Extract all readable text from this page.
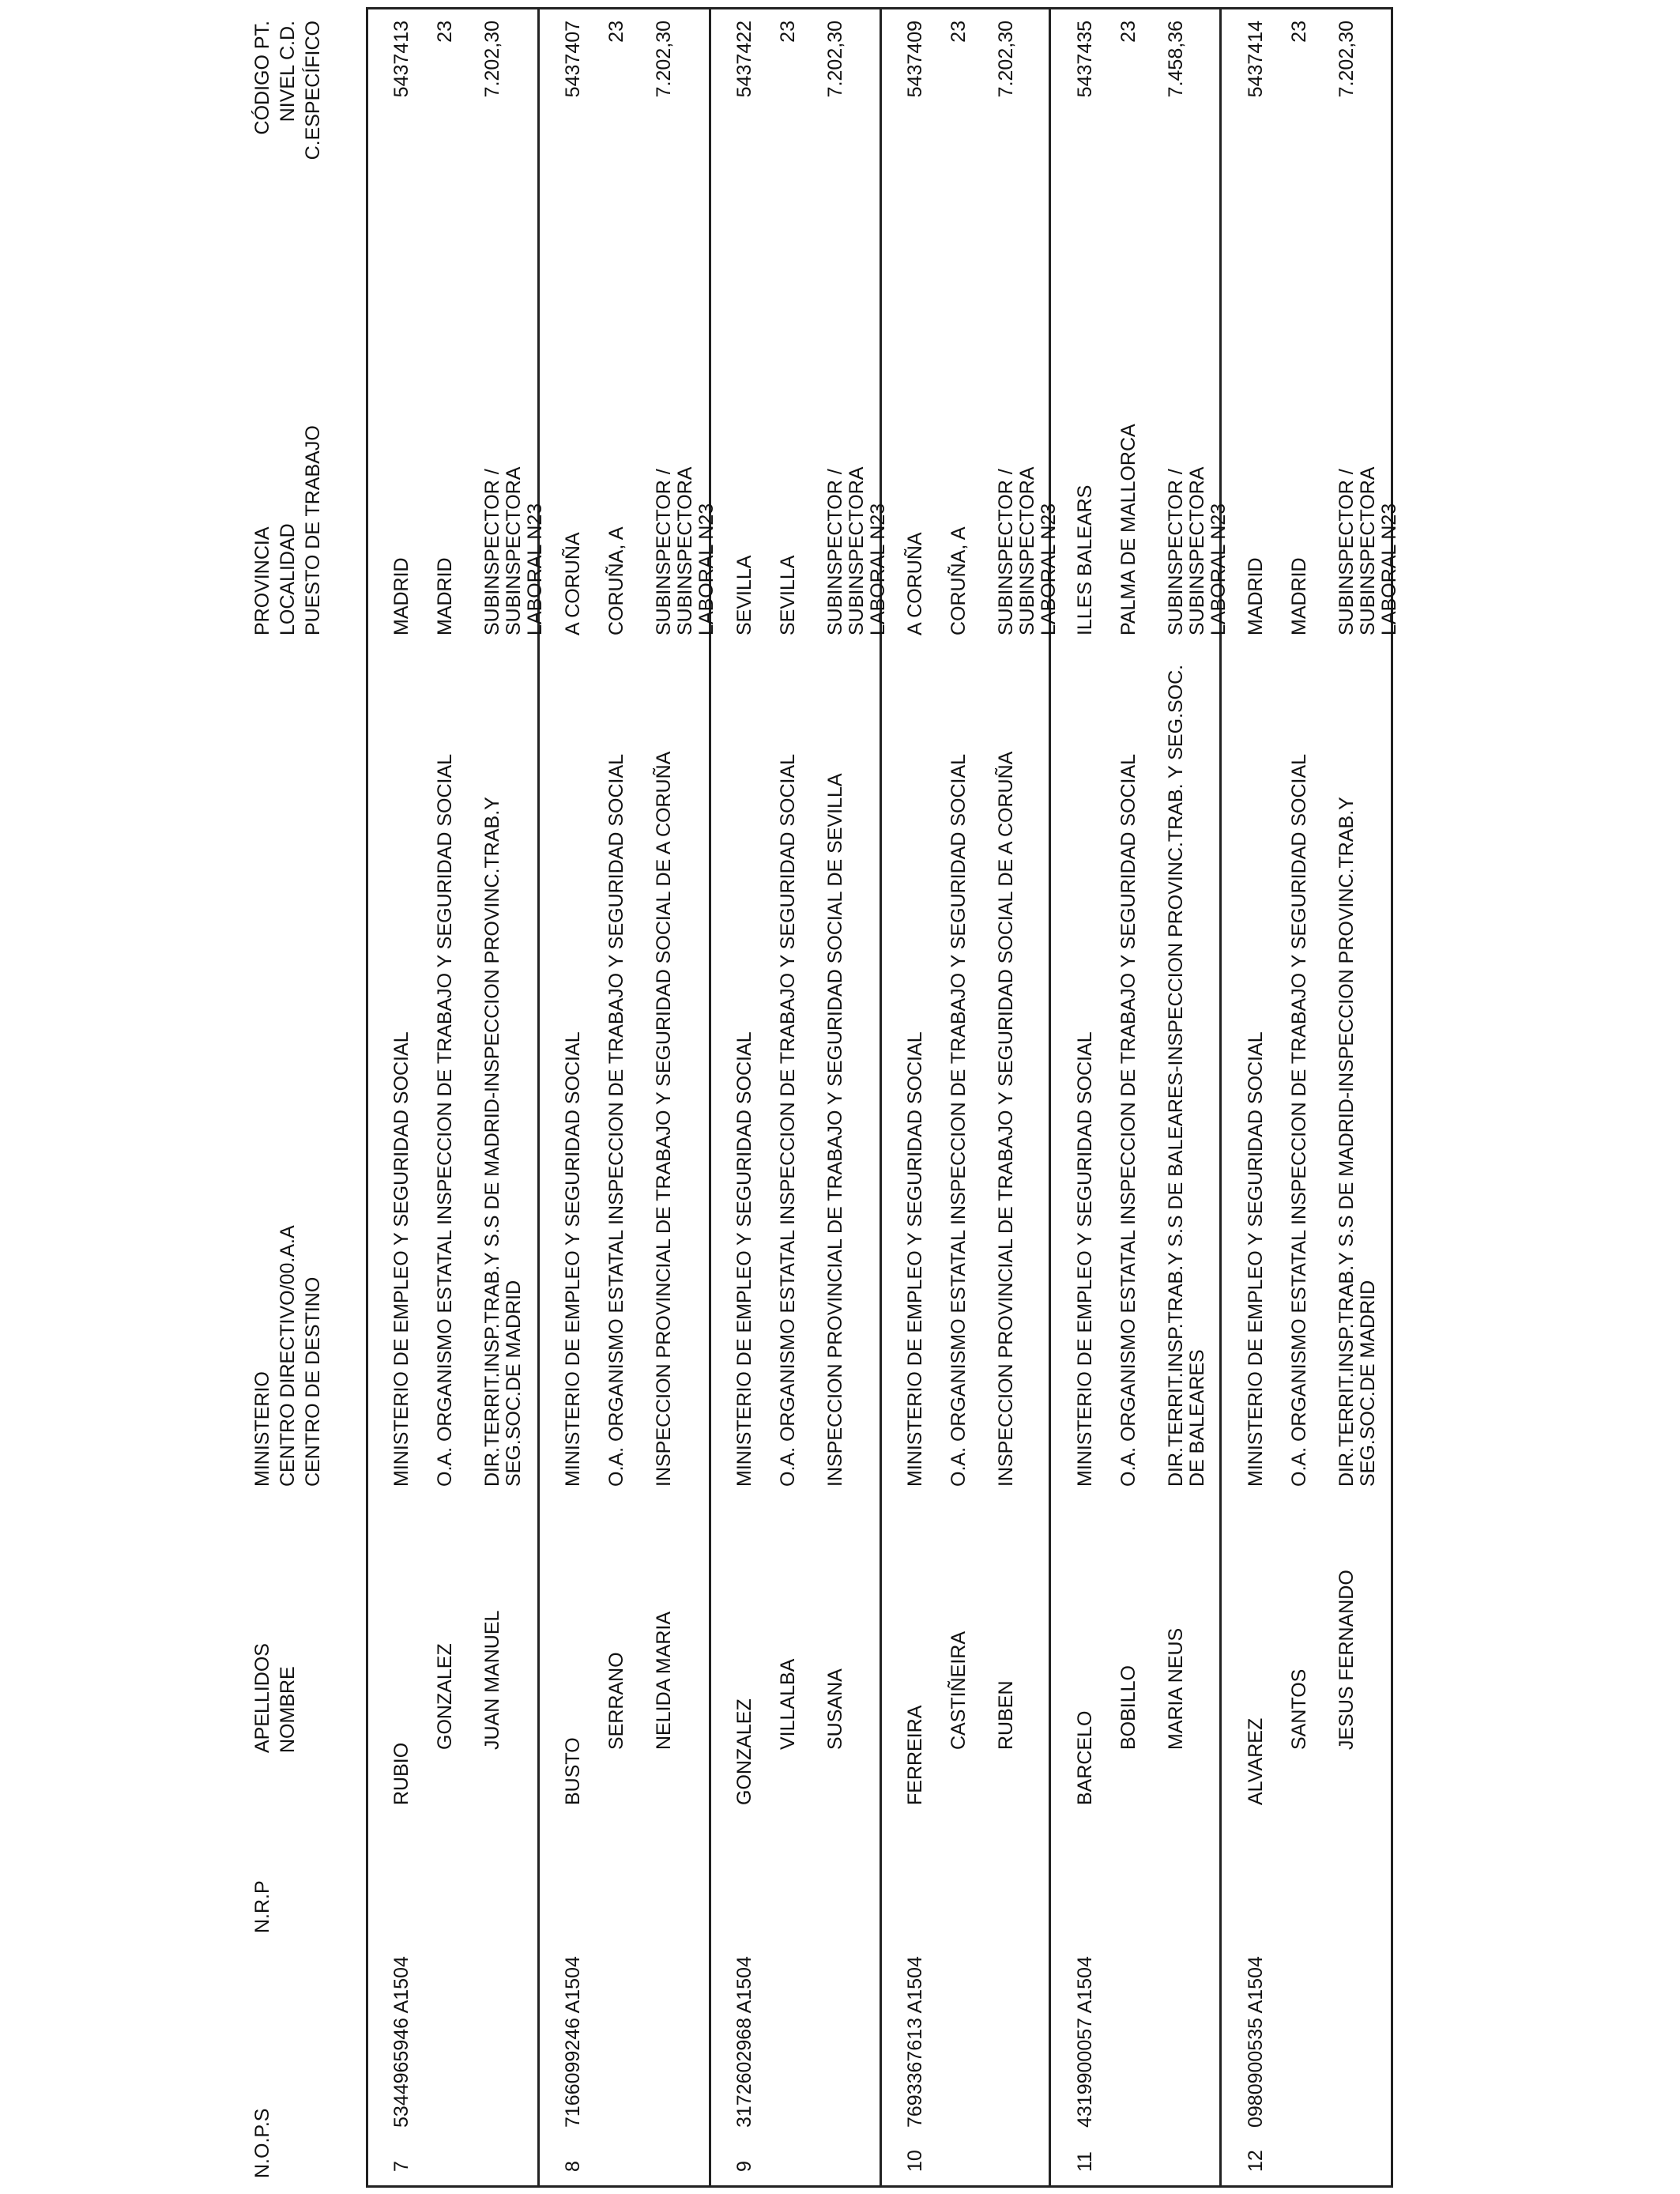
N.O.P.S
N.R.P
APELLIDOS NOMBRE
MINISTERIO CENTRO DIRECTIVO/00.A.A CENTRO DE DESTINO
PROVINCIA LOCALIDAD PUESTO DE TRABAJO
CÓDIGO PT. NIVEL C.D. C.ESPECÍFICO
7
5344965946 A1504
RUBIO
GONZALEZ JUAN MANUEL
MINISTERIO DE EMPLEO Y SEGURIDAD SOCIAL O.A. ORGANISMO ESTATAL INSPECCION DE TRABAJO Y SEGURIDAD SOCIAL DIR.TERRIT.INSP.TRAB.Y S.S DE MADRID-INSPECCION PROVINC.TRAB.Y SEG.SOC.DE MADRID
MADRID MADRID SUBINSPECTOR / SUBINSPECTORA LABORAL N23
5437413 23 7.202,30
8
7166099246 A1504
BUSTO
SERRANO NELIDA MARIA
MINISTERIO DE EMPLEO Y SEGURIDAD SOCIAL O.A. ORGANISMO ESTATAL INSPECCION DE TRABAJO Y SEGURIDAD SOCIAL INSPECCION PROVINCIAL DE TRABAJO Y SEGURIDAD SOCIAL DE A CORUÑA
A CORUÑA CORUÑA, A SUBINSPECTOR / SUBINSPECTORA LABORAL N23
5437407 23 7.202,30
9
3172602968 A1504
GONZALEZ VILLALBA SUSANA
MINISTERIO DE EMPLEO Y SEGURIDAD SOCIAL O.A. ORGANISMO ESTATAL INSPECCION DE TRABAJO Y SEGURIDAD SOCIAL INSPECCION PROVINCIAL DE TRABAJO Y SEGURIDAD SOCIAL DE SEVILLA
SEVILLA SEVILLA SUBINSPECTOR / SUBINSPECTORA LABORAL N23
5437422 23 7.202,30
10
7693367613 A1504
FERREIRA
CASTIÑEIRA RUBEN
MINISTERIO DE EMPLEO Y SEGURIDAD SOCIAL O.A. ORGANISMO ESTATAL INSPECCION DE TRABAJO Y SEGURIDAD SOCIAL INSPECCION PROVINCIAL DE TRABAJO Y SEGURIDAD SOCIAL DE A CORUÑA
A CORUÑA CORUÑA, A SUBINSPECTOR / SUBINSPECTORA LABORAL N23
5437409 23 7.202,30
11
4319900057 A1504
BARCELO
BOBILLO MARIA NEUS
MINISTERIO DE EMPLEO Y SEGURIDAD SOCIAL O.A. ORGANISMO ESTATAL INSPECCION DE TRABAJO Y SEGURIDAD SOCIAL DIR.TERRIT.INSP.TRAB.Y S.S DE BALEARES-INSPECCION PROVINC.TRAB. Y SEG.SOC. DE BALEARES
ILLES BALEARS PALMA DE MALLORCA SUBINSPECTOR / SUBINSPECTORA LABORAL N23
5437435 23 7.458,36
12
0980900535 A1504
ALVAREZ
SANTOS JESUS FERNANDO
MINISTERIO DE EMPLEO Y SEGURIDAD SOCIAL O.A. ORGANISMO ESTATAL INSPECCION DE TRABAJO Y SEGURIDAD SOCIAL DIR.TERRIT.INSP.TRAB.Y S.S DE MADRID-INSPECCION PROVINC.TRAB.Y SEG.SOC.DE MADRID
MADRID MADRID SUBINSPECTOR / SUBINSPECTORA LABORAL N23
5437414 23 7.202,30
